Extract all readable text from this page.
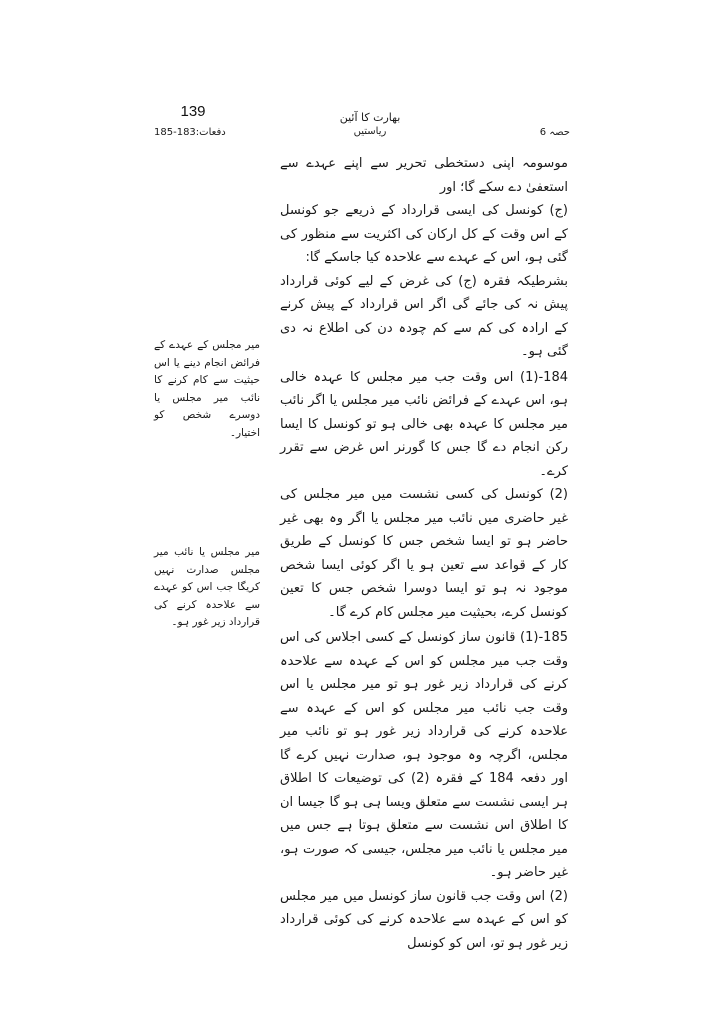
139	بھارت کا آئین
ریاستیں
دفعات:183-185	حصہ 6

موسومہ اپنی دستخطی تحریر سے اپنے عہدے سے استعفیٰ دے سکے گا؛ اور

(ج) کونسل کی ایسی قرارداد کے ذریعے جو کونسل کے اس وقت کے کل ارکان کی اکثریت سے منظور کی گئی ہو، اس کے عہدے سے علاحدہ کیا جاسکے گا:

بشرطیکہ فقرہ (ج) کی غرض کے لیے کوئی قرارداد پیش نہ کی جائے گی اگر اس قرارداد کے پیش کرنے کے ارادہ کی کم سے کم چودہ دن کی اطلاع نہ دی گئی ہو۔

184-(1) اس وقت جب میر مجلس کا عہدہ خالی ہو، اس عہدے کے فرائض نائب میر مجلس یا اگر نائب میر مجلس کا عہدہ بھی خالی ہو تو کونسل کا ایسا رکن انجام دے گا جس کا گورنر اس غرض سے تقرر کرے۔

(2) کونسل کی کسی نشست میں میر مجلس کی غیر حاضری میں نائب میر مجلس یا اگر وہ بھی غیر حاضر ہو تو ایسا شخص جس کا کونسل کے طریق کار کے قواعد سے تعین ہو یا اگر کوئی ایسا شخص موجود نہ ہو تو ایسا دوسرا شخص جس کا تعین کونسل کرے، بحیثیت میر مجلس کام کرے گا۔

185-(1) قانون ساز کونسل کے کسی اجلاس کی اس وقت جب میر مجلس کو اس کے عہدہ سے علاحدہ کرنے کی قرارداد زیر غور ہو تو میر مجلس یا اس وقت جب نائب میر مجلس کو اس کے عہدہ سے علاحدہ کرنے کی قرارداد زیر غور ہو تو نائب میر مجلس، اگرچہ وہ موجود ہو، صدارت نہیں کرے گا اور دفعہ 184 کے فقرہ (2) کی توضیعات کا اطلاق ہر ایسی نشست سے متعلق ویسا ہی ہو گا جیسا ان کا اطلاق اس نشست سے متعلق ہوتا ہے جس میں میر مجلس یا نائب میر مجلس، جیسی کہ صورت ہو، غیر حاضر ہو۔

(2) اس وقت جب قانون ساز کونسل میں میر مجلس کو اس کے عہدہ سے علاحدہ کرنے کی کوئی قرارداد زیر غور ہو تو، اس کو کونسل

میر مجلس کے عہدے کے فرائض انجام دینے یا اس حیثیت سے کام کرنے کا نائب میر مجلس یا دوسرے شخص کو اختیار۔
میر مجلس یا نائب میر مجلس صدارت نہیں کریگا جب اس کو عہدے سے علاحدہ کرنے کی قرارداد زیر غور ہو۔
